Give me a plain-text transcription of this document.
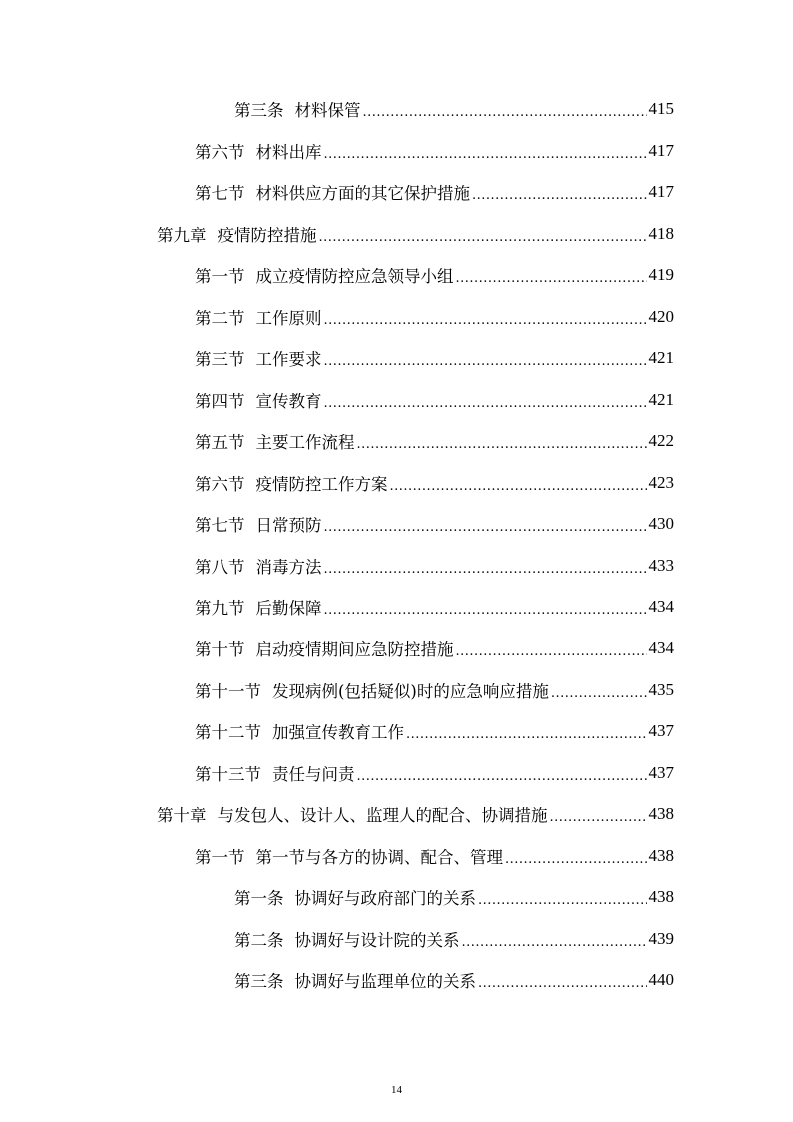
第三条 材料保管 .....	415
第六节 材料出库 .....	417
第七节 材料供应方面的其它保护措施 .....	417
第九章 疫情防控措施 .....	418
第一节 成立疫情防控应急领导小组 .....	419
第二节 工作原则 .....	420
第三节 工作要求 .....	421
第四节 宣传教育 .....	421
第五节 主要工作流程 .....	422
第六节 疫情防控工作方案 .....	423
第七节 日常预防 .....	430
第八节 消毒方法 .....	433
第九节 后勤保障 .....	434
第十节 启动疫情期间应急防控措施 .....	434
第十一节 发现病例(包括疑似)时的应急响应措施 .....	435
第十二节 加强宣传教育工作 .....	437
第十三节 责任与问责 .....	437
第十章 与发包人、设计人、监理人的配合、协调措施 .....	438
第一节 第一节与各方的协调、配合、管理 .....	438
第一条 协调好与政府部门的关系 .....	438
第二条 协调好与设计院的关系 .....	439
第三条 协调好与监理单位的关系 .....	440
14
